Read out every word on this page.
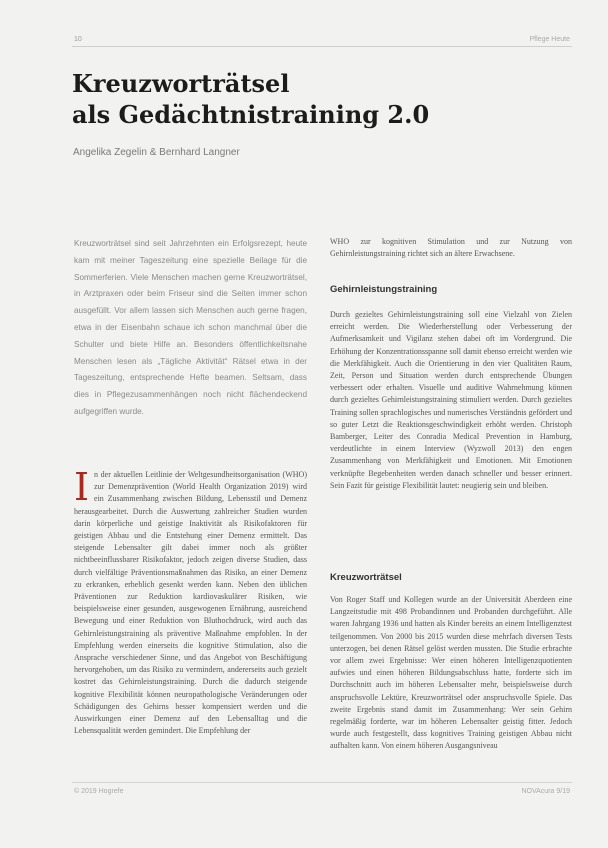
10	Pflege Heute
Kreuzworträtsel
als Gedächtnistraining 2.0
Angelika Zegelin & Bernhard Langner

Kreuzworträtsel sind seit Jahrzehnten ein Erfolgsrezept, heute kam mit meiner Tageszeitung eine spezielle Beilage für die Sommerferien. Viele Menschen machen gerne Kreuzworträtsel, in Arztpraxen oder beim Friseur sind die Seiten immer schon ausgefüllt. Vor allem lassen sich Menschen auch gerne fragen, etwa in der Eisenbahn schaue ich schon manchmal über die Schulter und biete Hilfe an. Besonders öffentlichkeitsnahe Menschen lesen als „Tägliche Aktivität“ Rätsel etwa in der Tageszeitung, entsprechende Hefte beamen. Seltsam, dass dies in Pflegezusammenhängen noch nicht flächendeckend aufgegriffen wurde.

In der aktuellen Leitlinie der Weltgesundheitsorganisation (WHO) zur Demenzprävention (World Health Organization 2019) wird ein Zusammenhang zwischen Bildung, Lebensstil und Demenz herausgearbeitet. Durch die Auswertung zahlreicher Studien wurden darin körperliche und geistige Inaktivität als Risikofaktoren für geistigen Abbau und die Entstehung einer Demenz ermittelt. Das steigende Lebensalter gilt dabei immer noch als größter nichtbeeinflussbarer Risikofaktor, jedoch zeigen diverse Studien, dass durch vielfältige Präventionsmaßnahmen das Risiko, an einer Demenz zu erkranken, erheblich gesenkt werden kann. Neben den üblichen Präventionen zur Reduktion kardiovaskulärer Risiken, wie beispielsweise einer gesunden, ausgewogenen Ernährung, ausreichend Bewegung und einer Reduktion von Bluthochdruck, wird auch das Gehirnleistungstraining als präventive Maßnahme empfohlen. In der Empfehlung werden einerseits die kognitive Stimulation, also die Ansprache verschiedener Sinne, und das Angebot von Beschäftigung hervorgehoben, um das Risiko zu vermindern, andererseits auch gezielt kostret das Gehirnleistungstraining. Durch die dadurch steigende kognitive Flexibilität können neuropathologische Veränderungen oder Schädigungen des Gehirns besser kompensiert werden und die Auswirkungen einer Demenz auf den Lebensalltag und die Lebensqualität werden gemindert. Die Empfehlung der

WHO zur kognitiven Stimulation und zur Nutzung von Gehirnleistungstraining richtet sich an ältere Erwachsene.

Gehirnleistungstraining

Durch gezieltes Gehirnleistungstraining soll eine Vielzahl von Zielen erreicht werden. Die Wiederherstellung oder Verbesserung der Aufmerksamkeit und Vigilanz stehen dabei oft im Vordergrund. Die Erhöhung der Konzentrationsspanne soll damit ebenso erreicht werden wie die Merkfähigkeit. Auch die Orientierung in den vier Qualitäten Raum, Zeit, Person und Situation werden durch entsprechende Übungen verbessert oder erhalten. Visuelle und auditive Wahrnehmung können durch gezieltes Gehirnleistungstraining stimuliert werden. Durch gezieltes Training sollen sprachlogisches und numerisches Verständnis gefördert und so guter Letzt die Reaktionsgeschwindigkeit erhöht werden. Christoph Bamberger, Leiter des Conradia Medical Prevention in Hamburg, verdeutlichte in einem Interview (Wyzwoll 2013) den engen Zusammenhang von Merkfähigkeit und Emotionen. Mit Emotionen verknüpfte Begebenheiten werden danach schneller und besser erinnert. Sein Fazit für geistige Flexibilität lautet: neugierig sein und bleiben.

Kreuzworträtsel

Von Roger Staff und Kollegen wurde an der Universität Aberdeen eine Langzeitstudie mit 498 Probandinnen und Probanden durchgeführt. Alle waren Jahrgang 1936 und hatten als Kinder bereits an einem Intelligenztest teilgenommen. Von 2000 bis 2015 wurden diese mehrfach diversen Tests unterzogen, bei denen Rätsel gelöst werden mussten. Die Studie erbrachte vor allem zwei Ergebnisse: Wer einen höheren Intelligenzquotienten aufwies und einen höheren Bildungsabschluss hatte, forderte sich im Durchschnitt auch im höheren Lebensalter mehr, beispielsweise durch anspruchsvolle Lektüre, Kreuzworträtsel oder anspruchsvolle Spiele. Das zweite Ergebnis stand damit im Zusammenhang: Wer sein Gehirn regelmäßig forderte, war im höheren Lebensalter geistig fitter. Jedoch wurde auch festgestellt, dass kognitives Training geistigen Abbau nicht aufhalten kann. Von einem höheren Ausgangsniveau

© 2019 Hogrefe	NOVAcura 9/19
